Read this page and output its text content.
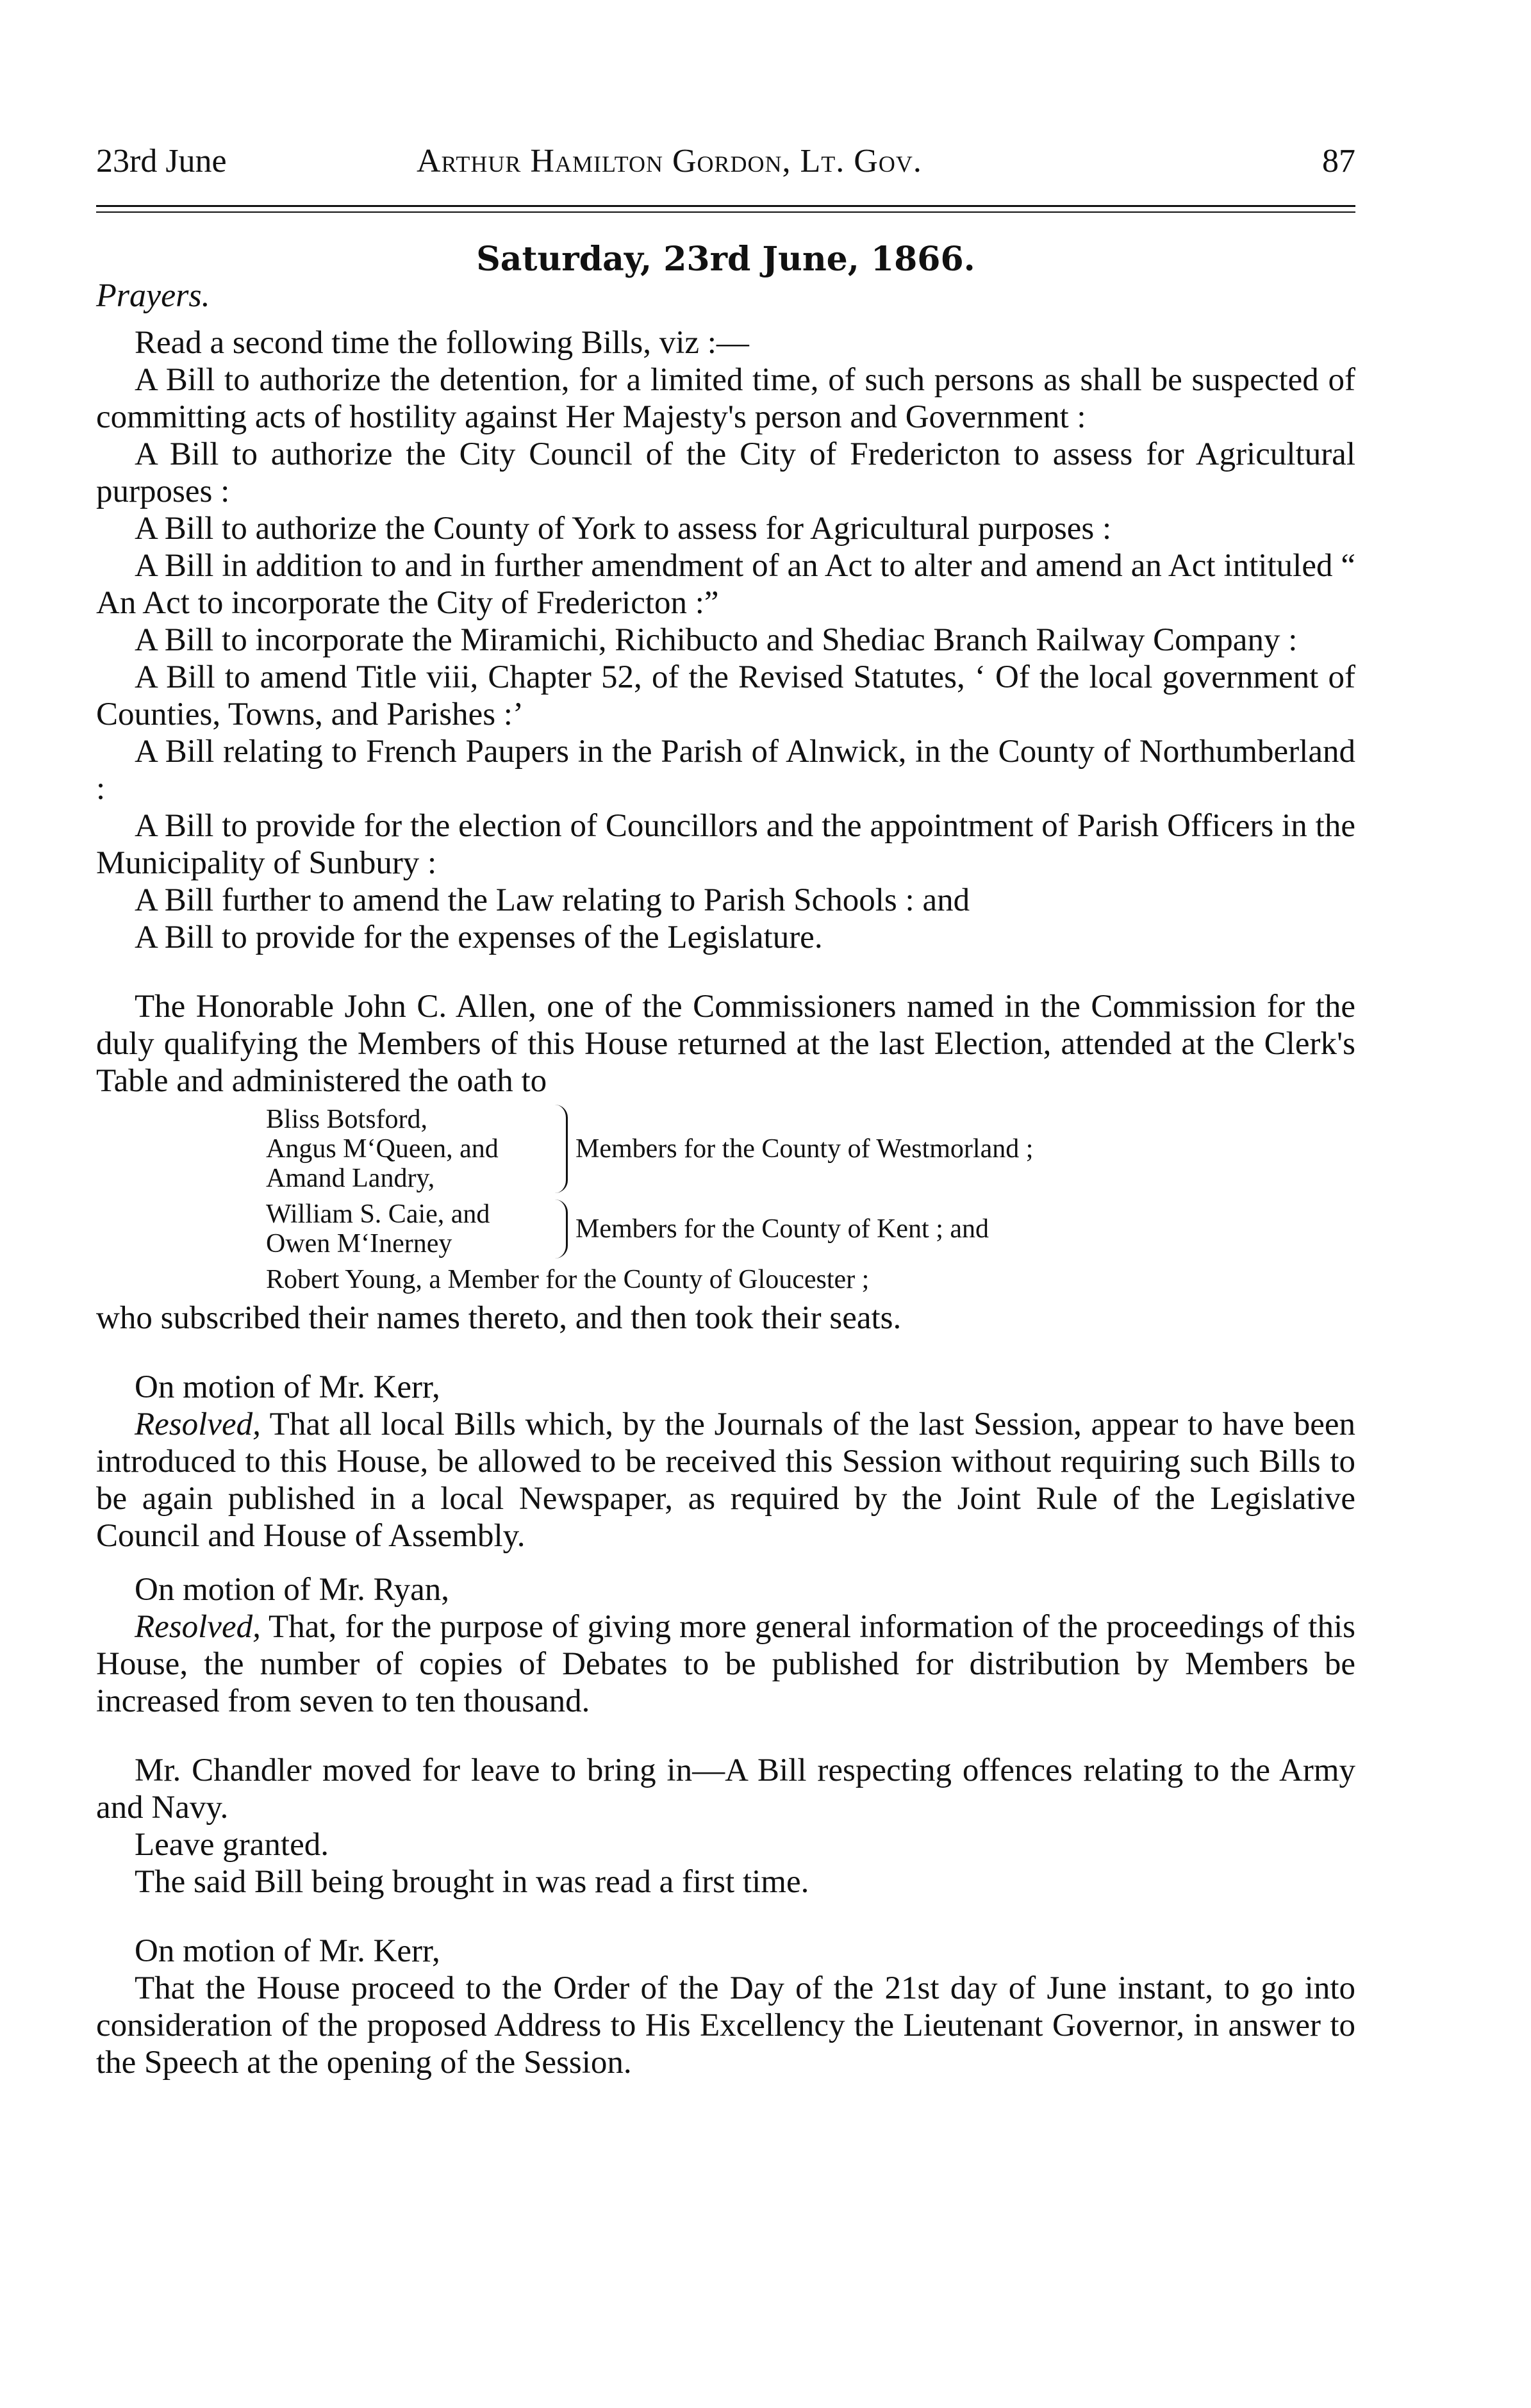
23rd June	Arthur Hamilton Gordon, Lt. Gov.	87
Saturday, 23rd June, 1866.
Prayers.

Read a second time the following Bills, viz :—

A Bill to authorize the detention, for a limited time, of such persons as shall be suspected of committing acts of hostility against Her Majesty's person and Government :

A Bill to authorize the City Council of the City of Fredericton to assess for Agricultural purposes :

A Bill to authorize the County of York to assess for Agricultural purposes :

A Bill in addition to and in further amendment of an Act to alter and amend an Act intituled “ An Act to incorporate the City of Fredericton :”

A Bill to incorporate the Miramichi, Richibucto and Shediac Branch Railway Company :

A Bill to amend Title viii, Chapter 52, of the Revised Statutes, ‘ Of the local government of Counties, Towns, and Parishes :’

A Bill relating to French Paupers in the Parish of Alnwick, in the County of Northumberland :

A Bill to provide for the election of Councillors and the appointment of Parish Officers in the Municipality of Sunbury :

A Bill further to amend the Law relating to Parish Schools : and

A Bill to provide for the expenses of the Legislature.

The Honorable John C. Allen, one of the Commissioners named in the Commission for the duly qualifying the Members of this House returned at the last Election, attended at the Clerk's Table and administered the oath to

Bliss Botsford,
Angus M‘Queen, and
Amand Landry,
Members for the County of Westmorland ;
William S. Caie, and
Owen M‘Inerney	Members for the County of Kent ; and
Robert Young, a Member for the County of Gloucester ;

who subscribed their names thereto, and then took their seats.

On motion of Mr. Kerr,

Resolved, That all local Bills which, by the Journals of the last Session, appear to have been introduced to this House, be allowed to be received this Session without requiring such Bills to be again published in a local Newspaper, as required by the Joint Rule of the Legislative Council and House of Assembly.

On motion of Mr. Ryan,

Resolved, That, for the purpose of giving more general information of the proceedings of this House, the number of copies of Debates to be published for distribution by Members be increased from seven to ten thousand.

Mr. Chandler moved for leave to bring in—A Bill respecting offences relating to the Army and Navy.

Leave granted.

The said Bill being brought in was read a first time.

On motion of Mr. Kerr,

That the House proceed to the Order of the Day of the 21st day of June instant, to go into consideration of the proposed Address to His Excellency the Lieutenant Governor, in answer to the Speech at the opening of the Session.
